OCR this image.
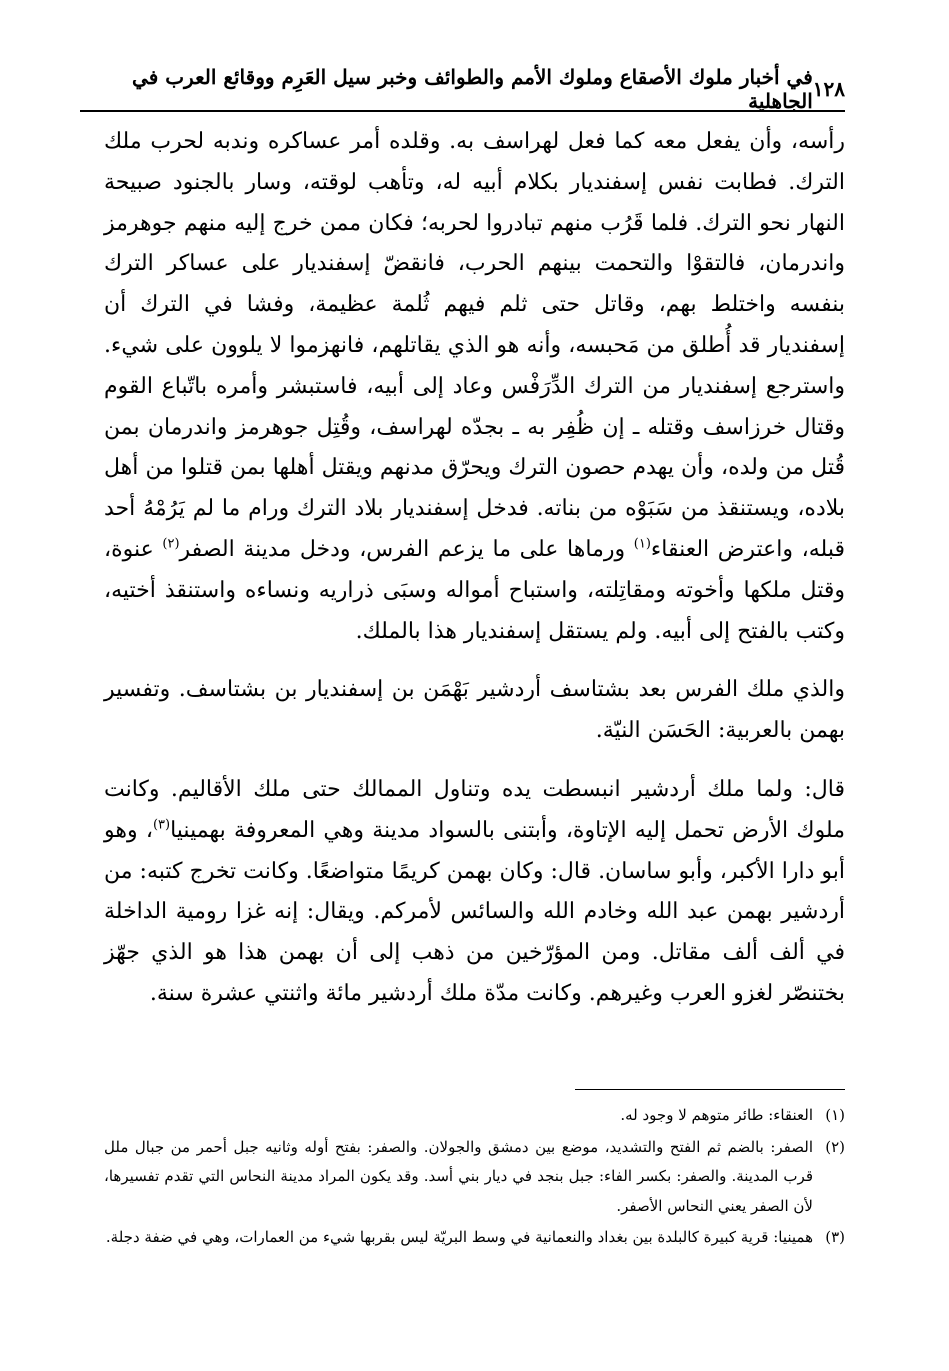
١٢٨
في أخبار ملوك الأصقاع وملوك الأمم والطوائف وخبر سيل العَرِم ووقائع العرب في الجاهلية

رأسه، وأن يفعل معه كما فعل لهراسف به. وقلده أمر عساكره وندبه لحرب ملك الترك. فطابت نفس إسفنديار بكلام أبيه له، وتأهب لوقته، وسار بالجنود صبيحة النهار نحو الترك. فلما قَرُب منهم تبادروا لحربه؛ فكان ممن خرج إليه منهم جوهرمز واندرمان، فالتقوْا والتحمت بينهم الحرب، فانقضّ إسفنديار على عساكر الترك بنفسه واختلط بهم، وقاتل حتى ثلم فيهم ثُلمة عظيمة، وفشا في الترك أن إسفنديار قد أُطلق من مَحبسه، وأنه هو الذي يقاتلهم، فانهزموا لا يلوون على شيء. واسترجع إسفنديار من الترك الدِّرَفْس وعاد إلى أبيه، فاستبشر وأمره باتّباع القوم وقتال خرزاسف وقتله ـ إن ظُفِر به ـ بجدّه لهراسف، وقُتِل جوهرمز واندرمان بمن قُتل من ولده، وأن يهدم حصون الترك ويحرّق مدنهم ويقتل أهلها بمن قتلوا من أهل بلاده، ويستنقذ من سَبَوْه من بناته. فدخل إسفنديار بلاد الترك ورام ما لم يَرُمْهُ أحد قبله، واعترض العنقاء$^{(١)}$ ورماها على ما يزعم الفرس، ودخل مدينة الصفر$^{(٢)}$ عنوة، وقتل ملكها وأخوته ومقاتِلته، واستباح أمواله وسبَى ذراريه ونساءه واستنقذ أختيه، وكتب بالفتح إلى أبيه. ولم يستقل إسفنديار هذا بالملك.

والذي ملك الفرس بعد بشتاسف أردشير بَهْمَن بن إسفنديار بن بشتاسف. وتفسير بهمن بالعربية: الحَسَن النيّة.

قال: ولما ملك أردشير انبسطت يده وتناول الممالك حتى ملك الأقاليم. وكانت ملوك الأرض تحمل إليه الإتاوة، وأبتنى بالسواد مدينة وهي المعروفة بهمينيا$^{(٣)}$، وهو أبو دارا الأكبر، وأبو ساسان. قال: وكان بهمن كريمًا متواضعًا. وكانت تخرج كتبه: من أردشير بهمن عبد الله وخادم الله والسائس لأمركم. ويقال: إنه غزا رومية الداخلة في ألف ألف مقاتل. ومن المؤرّخين من ذهب إلى أن بهمن هذا هو الذي جهّز بختنصّر لغزو العرب وغيرهم. وكانت مدّة ملك أردشير مائة واثنتي عشرة سنة.

(١)
العنقاء: طائر متوهم لا وجود له.
(٢)
الصفر: بالضم ثم الفتح والتشديد، موضع بين دمشق والجولان. والصفر: بفتح أوله وثانيه جبل أحمر من جبال ملل قرب المدينة. والصفر: بكسر الفاء: جبل بنجد في ديار بني أسد. وقد يكون المراد مدينة النحاس التي تقدم تفسيرها، لأن الصفر يعني النحاس الأصفر.
(٣)
همينيا: قرية كبيرة كالبلدة بين بغداد والنعمانية في وسط البريّة ليس بقربها شيء من العمارات، وهي في ضفة دجلة.
